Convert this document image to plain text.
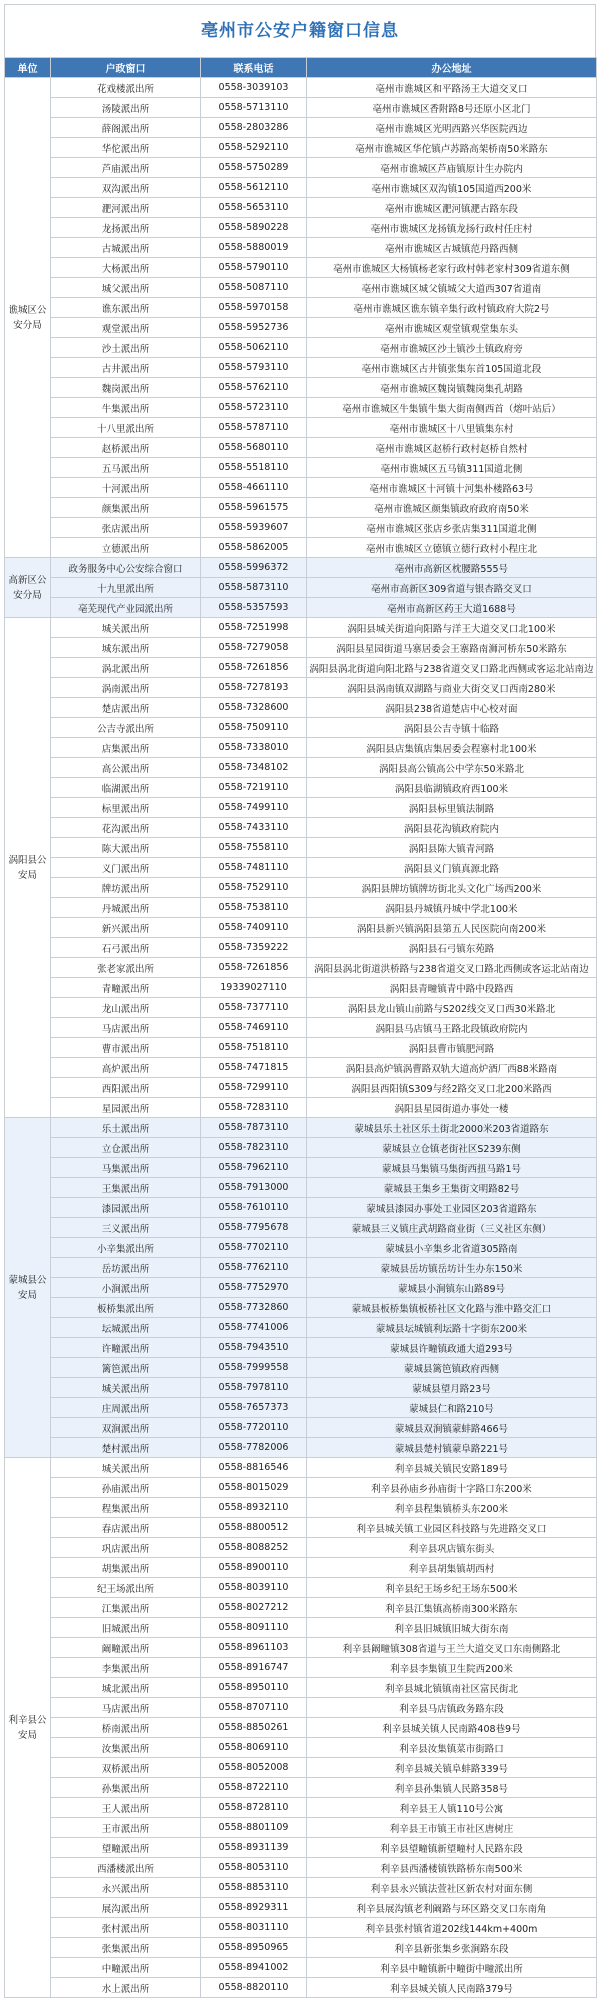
亳州市公安户籍窗口信息
单位	户政窗口	联系电话	办公地址
谯城区公安分局	花戏楼派出所	0558-3039103	亳州市谯城区和平路汤王大道交叉口
	汤陵派出所	0558-5713110	亳州市谯城区香附路8号还原小区北门
	薛阁派出所	0558-2803286	亳州市谯城区光明西路兴华医院西边
	华佗派出所	0558-5292110	亳州市谯城区华佗镇卢苏路高架桥南50米路东
	芦庙派出所	0558-5750289	亳州市谯城区芦庙镇原计生办院内
	双沟派出所	0558-5612110	亳州市谯城区双沟镇105国道西200米
	淝河派出所	0558-5653110	亳州市谯城区淝河镇淝古路东段
	龙扬派出所	0558-5890228	亳州市谯城区龙扬镇龙扬行政村任庄村
	古城派出所	0558-5880019	亳州市谯城区古城镇范丹路西侧
	大杨派出所	0558-5790110	亳州市谯城区大杨镇杨老家行政村韩老家村309省道东侧
	城父派出所	0558-5087110	亳州市谯城区城父镇城父大道西307省道南
	谯东派出所	0558-5970158	亳州市谯城区谯东镇辛集行政村镇政府大院2号
	观堂派出所	0558-5952736	亳州市谯城区观堂镇观堂集东头
	沙土派出所	0558-5062110	亳州市谯城区沙土镇沙土镇政府旁
	古井派出所	0558-5793110	亳州市谯城区古井镇张集东首105国道北段
	魏岗派出所	0558-5762110	亳州市谯城区魏岗镇魏岗集孔胡路
	牛集派出所	0558-5723110	亳州市谯城区牛集镇牛集大街南侧西首（熔叶站后）
	十八里派出所	0558-5787110	亳州市谯城区十八里镇集东村
	赵桥派出所	0558-5680110	亳州市谯城区赵桥行政村赵桥自然村
	五马派出所	0558-5518110	亳州市谯城区五马镇311国道北侧
	十河派出所	0558-4661110	亳州市谯城区十河镇十河集朴楼路63号
	颜集派出所	0558-5961575	亳州市谯城区颜集镇政府政府南50米
	张店派出所	0558-5939607	亳州市谯城区张店乡张店集311国道北侧
	立德派出所	0558-5862005	亳州市谯城区立德镇立德行政村小程庄北
高新区公安分局	政务服务中心公安综合窗口	0558-5996372	亳州市高新区枕腰路555号
	十九里派出所	0558-5873110	亳州市高新区309省道与银杏路交叉口
	亳芜现代产业园派出所	0558-5357593	亳州市高新区药王大道1688号
涡阳县公安局	城关派出所	0558-7251998	涡阳县城关街道向阳路与洋王大道交叉口北100米
	城东派出所	0558-7279058	涡阳县星园街道马寨居委会王寨路南浉河桥东50米路东
	涡北派出所	0558-7261856	涡阳县涡北街道向阳北路与238省道交叉口路北西侧或客运北站南边
	涡南派出所	0558-7278193	涡阳县涡南镇双湖路与商业大街交叉口西南280米
	楚店派出所	0558-7328600	涡阳县238省道楚店中心校对面
	公吉寺派出所	0558-7509110	涡阳县公吉寺镇十临路
	店集派出所	0558-7338010	涡阳县店集镇店集居委会程寨村北100米
	高公派出所	0558-7348102	涡阳县高公镇高公中学东50米路北
	临湖派出所	0558-7219110	涡阳县临湖镇政府西100米
	标里派出所	0558-7499110	涡阳县标里镇法制路
	花沟派出所	0558-7433110	涡阳县花沟镇政府院内
	陈大派出所	0558-7558110	涡阳县陈大镇青河路
	义门派出所	0558-7481110	涡阳县义门镇真源北路
	牌坊派出所	0558-7529110	涡阳县牌坊镇牌坊街北头文化广场西200米
	丹城派出所	0558-7538110	涡阳县丹城镇丹城中学北100米
	新兴派出所	0558-7409110	涡阳县新兴镇涡阳县第五人民医院向南200米
	石弓派出所	0558-7359222	涡阳县石弓镇东苑路
	张老家派出所	0558-7261856	涡阳县涡北街道洪桥路与238省道交叉口路北西侧或客运北站南边
	青疃派出所	19339027110	涡阳县青疃镇青中路中段路西
	龙山派出所	0558-7377110	涡阳县龙山镇山前路与S202线交叉口西30米路北
	马店派出所	0558-7469110	涡阳县马店镇马王路北段镇政府院内
	曹市派出所	0558-7518110	涡阳县曹市镇肥河路
	高炉派出所	0558-7471815	涡阳县高炉镇涡曹路双轨大道高炉酒厂西88米路南
	西阳派出所	0558-7299110	涡阳县西阳镇S309与经2路交叉口北200米路西
	星园派出所	0558-7283110	涡阳县星园街道办事处一楼
蒙城县公安局	乐土派出所	0558-7873110	蒙城县乐土社区乐土街北2000米203省道路东
	立仓派出所	0558-7823110	蒙城县立仓镇老街社区S239东侧
	马集派出所	0558-7962110	蒙城县马集镇马集街西扭马路1号
	王集派出所	0558-7913000	蒙城县王集乡王集街文明路82号
	漆园派出所	0558-7610110	蒙城县漆园办事处工业园区203省道路东
	三义派出所	0558-7795678	蒙城县三义镇庄武胡路商业街（三义社区东侧）
	小辛集派出所	0558-7702110	蒙城县小辛集乡北省道305路南
	岳坊派出所	0558-7762110	蒙城县岳坊镇岳坊计生办东150米
	小涧派出所	0558-7752970	蒙城县小涧镇东山路89号
	板桥集派出所	0558-7732860	蒙城县板桥集镇板桥社区文化路与淮中路交汇口
	坛城派出所	0558-7741006	蒙城县坛城镇利坛路十字街东200米
	许疃派出所	0558-7943510	蒙城县许疃镇政通大道293号
	篱笆派出所	0558-7999558	蒙城县篱笆镇政府西侧
	城关派出所	0558-7978110	蒙城县望月路23号
	庄周派出所	0558-7657373	蒙城县仁和路210号
	双涧派出所	0558-7720110	蒙城县双涧镇蒙蚌路466号
	楚村派出所	0558-7782006	蒙城县楚村镇蒙阜路221号
利辛县公安局	城关派出所	0558-8816546	利辛县城关镇民安路189号
	孙庙派出所	0558-8015029	利辛县孙庙乡孙庙街十字路口东200米
	程集派出所	0558-8932110	利辛县程集镇桥头东200米
	春店派出所	0558-8800512	利辛县城关镇工业园区科技路与先进路交叉口
	巩店派出所	0558-8088252	利辛县巩店镇东街头
	胡集派出所	0558-8900110	利辛县胡集镇胡西村
	纪王场派出所	0558-8039110	利辛县纪王场乡纪王场东500米
	江集派出所	0558-8027212	利辛县江集镇高桥南300米路东
	旧城派出所	0558-8091110	利辛县旧城镇旧城大街东南
	阚疃派出所	0558-8961103	利辛县阚疃镇308省道与王兰大道交叉口东南侧路北
	李集派出所	0558-8916747	利辛县李集镇卫生院西200米
	城北派出所	0558-8950110	利辛县城北镇镇南社区富民街北
	马店派出所	0558-8707110	利辛县马店镇政务路东段
	桥南派出所	0558-8850261	利辛县城关镇人民南路408巷9号
	汝集派出所	0558-8069110	利辛县汝集镇菜市街路口
	双桥派出所	0558-8052008	利辛县城关镇阜蚌路339号
	孙集派出所	0558-8722110	利辛县孙集镇人民路358号
	王人派出所	0558-8728110	利辛县王人镇110号公寓
	王市派出所	0558-8801109	利辛县王市镇王市社区唐树庄
	望疃派出所	0558-8931139	利辛县望疃镇新望疃村人民路东段
	西潘楼派出所	0558-8053110	利辛县西潘楼镇铁路桥东南500米
	永兴派出所	0558-8853110	利辛县永兴镇法萱社区新农村对面东侧
	展沟派出所	0558-8929311	利辛县展沟镇老利阚路与环区路交叉口东南角
	张村派出所	0558-8031110	利辛县张村镇省道202线144km+400m
	张集派出所	0558-8950965	利辛县新张集乡张涧路东段
	中疃派出所	0558-8941002	利辛县中疃镇新中疃街中疃派出所
	水上派出所	0558-8820110	利辛县城关镇人民南路379号
